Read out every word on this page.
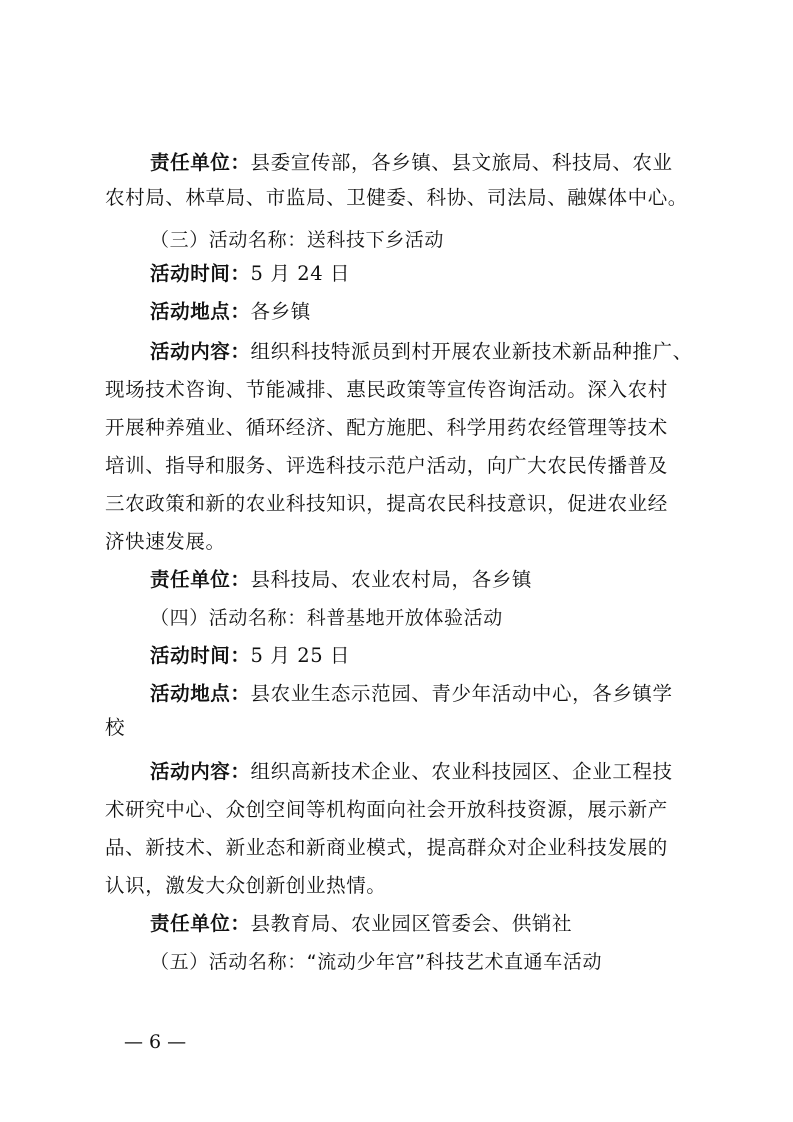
责任单位：县委宣传部，各乡镇、县文旅局、科技局、农业
农村局、林草局、市监局、卫健委、科协、司法局、融媒体中心。
（三）活动名称：送科技下乡活动
活动时间：5 月 24 日
活动地点：各乡镇
活动内容：组织科技特派员到村开展农业新技术新品种推广、
现场技术咨询、节能减排、惠民政策等宣传咨询活动。深入农村
开展种养殖业、循环经济、配方施肥、科学用药农经管理等技术
培训、指导和服务、评选科技示范户活动，向广大农民传播普及
三农政策和新的农业科技知识，提高农民科技意识，促进农业经
济快速发展。
责任单位：县科技局、农业农村局，各乡镇
（四）活动名称：科普基地开放体验活动
活动时间：5 月 25 日
活动地点：县农业生态示范园、青少年活动中心，各乡镇学
校
活动内容：组织高新技术企业、农业科技园区、企业工程技
术研究中心、众创空间等机构面向社会开放科技资源，展示新产
品、新技术、新业态和新商业模式，提高群众对企业科技发展的
认识，激发大众创新创业热情。
责任单位：县教育局、农业园区管委会、供销社
（五）活动名称：“流动少年宫”科技艺术直通车活动
— 6 —
